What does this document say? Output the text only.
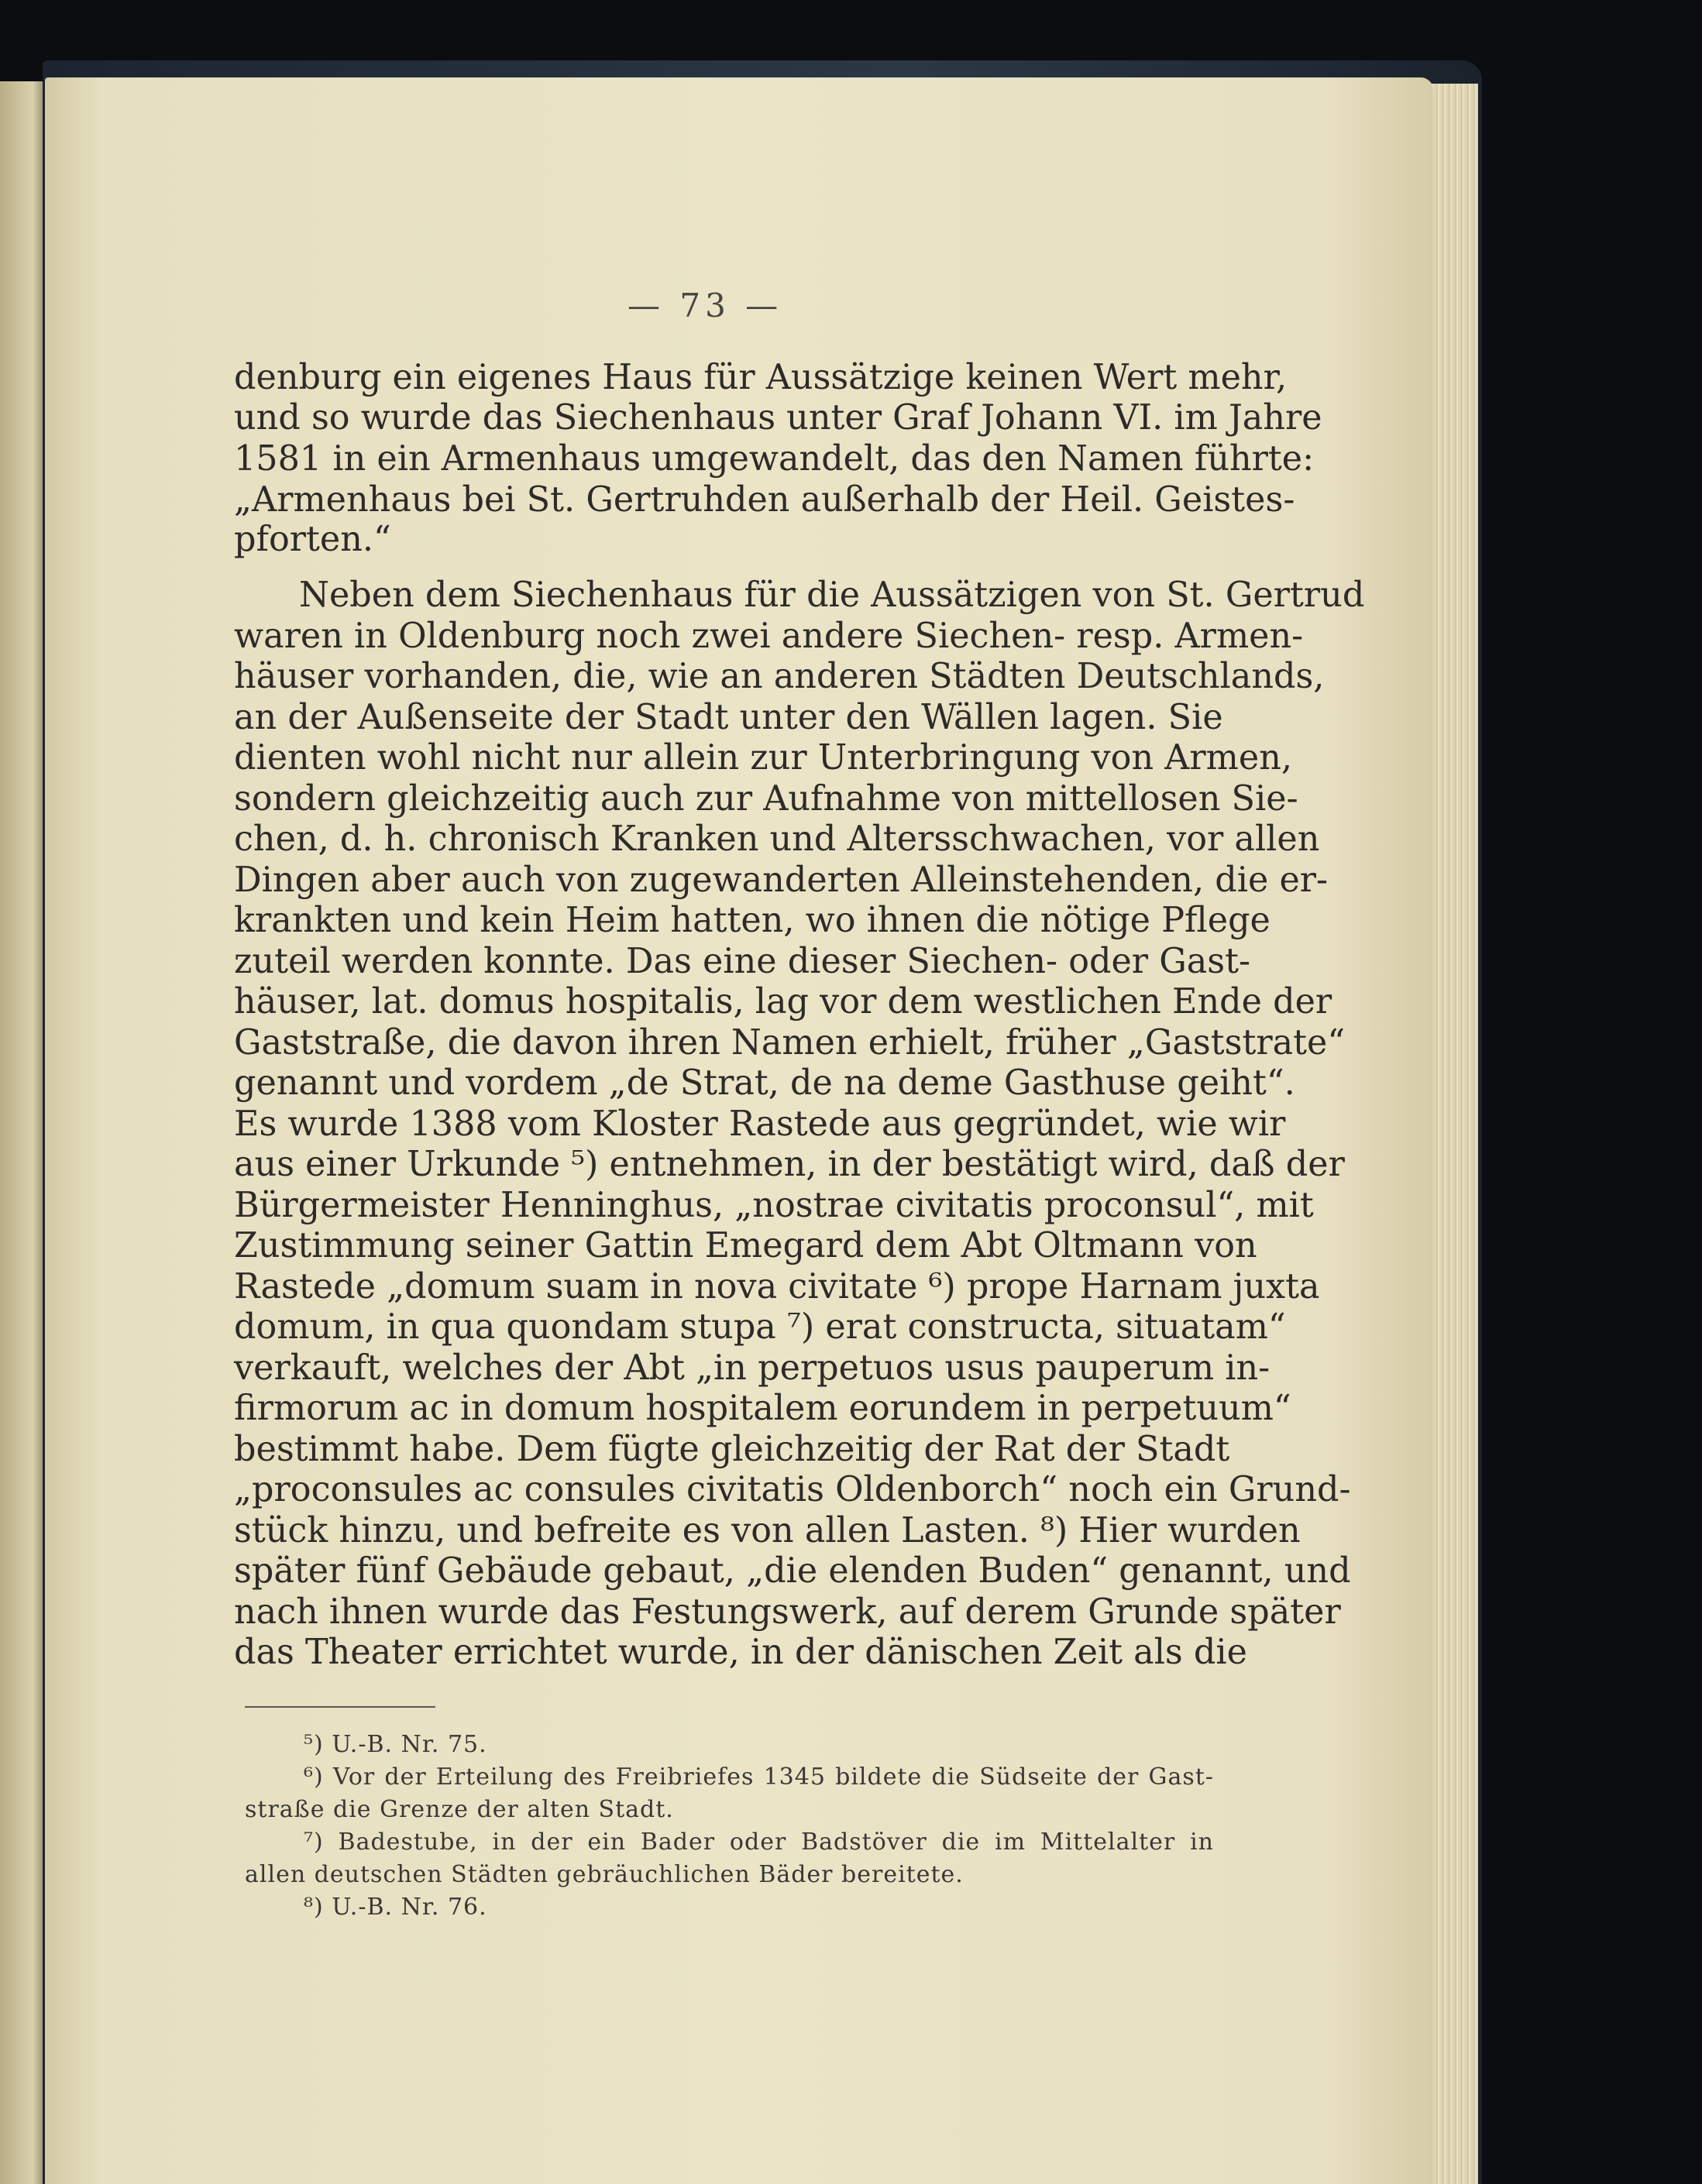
— 73 —
denburg ein eigenes Haus für Aussätzige keinen Wert mehr,
und so wurde das Siechenhaus unter Graf Johann VI. im Jahre
1581 in ein Armenhaus umgewandelt, das den Namen führte:
„Armenhaus bei St. Gertruhden außerhalb der Heil. Geistes-
pforten.“
Neben dem Siechenhaus für die Aussätzigen von St. Gertrud
waren in Oldenburg noch zwei andere Siechen- resp. Armen-
häuser vorhanden, die, wie an anderen Städten Deutschlands,
an der Außenseite der Stadt unter den Wällen lagen. Sie
dienten wohl nicht nur allein zur Unterbringung von Armen,
sondern gleichzeitig auch zur Aufnahme von mittellosen Sie-
chen, d. h. chronisch Kranken und Altersschwachen, vor allen
Dingen aber auch von zugewanderten Alleinstehenden, die er-
krankten und kein Heim hatten, wo ihnen die nötige Pflege
zuteil werden konnte. Das eine dieser Siechen- oder Gast-
häuser, lat. domus hospitalis, lag vor dem westlichen Ende der
Gaststraße, die davon ihren Namen erhielt, früher „Gaststrate“
genannt und vordem „de Strat, de na deme Gasthuse geiht“.
Es wurde 1388 vom Kloster Rastede aus gegründet, wie wir
aus einer Urkunde ⁵) entnehmen, in der bestätigt wird, daß der
Bürgermeister Henninghus, „nostrae civitatis proconsul“, mit
Zustimmung seiner Gattin Emegard dem Abt Oltmann von
Rastede „domum suam in nova civitate ⁶) prope Harnam juxta
domum, in qua quondam stupa ⁷) erat constructa, situatam“
verkauft, welches der Abt „in perpetuos usus pauperum in-
firmorum ac in domum hospitalem eorundem in perpetuum“
bestimmt habe. Dem fügte gleichzeitig der Rat der Stadt
„proconsules ac consules civitatis Oldenborch“ noch ein Grund-
stück hinzu, und befreite es von allen Lasten. ⁸) Hier wurden
später fünf Gebäude gebaut, „die elenden Buden“ genannt, und
nach ihnen wurde das Festungswerk, auf derem Grunde später
das Theater errichtet wurde, in der dänischen Zeit als die
⁵) U.-B. Nr. 75.
⁶) Vor der Erteilung des Freibriefes 1345 bildete die Südseite der Gast-
straße die Grenze der alten Stadt.
⁷) Badestube, in der ein Bader oder Badstöver die im Mittelalter in
allen deutschen Städten gebräuchlichen Bäder bereitete.
⁸) U.-B. Nr. 76.
